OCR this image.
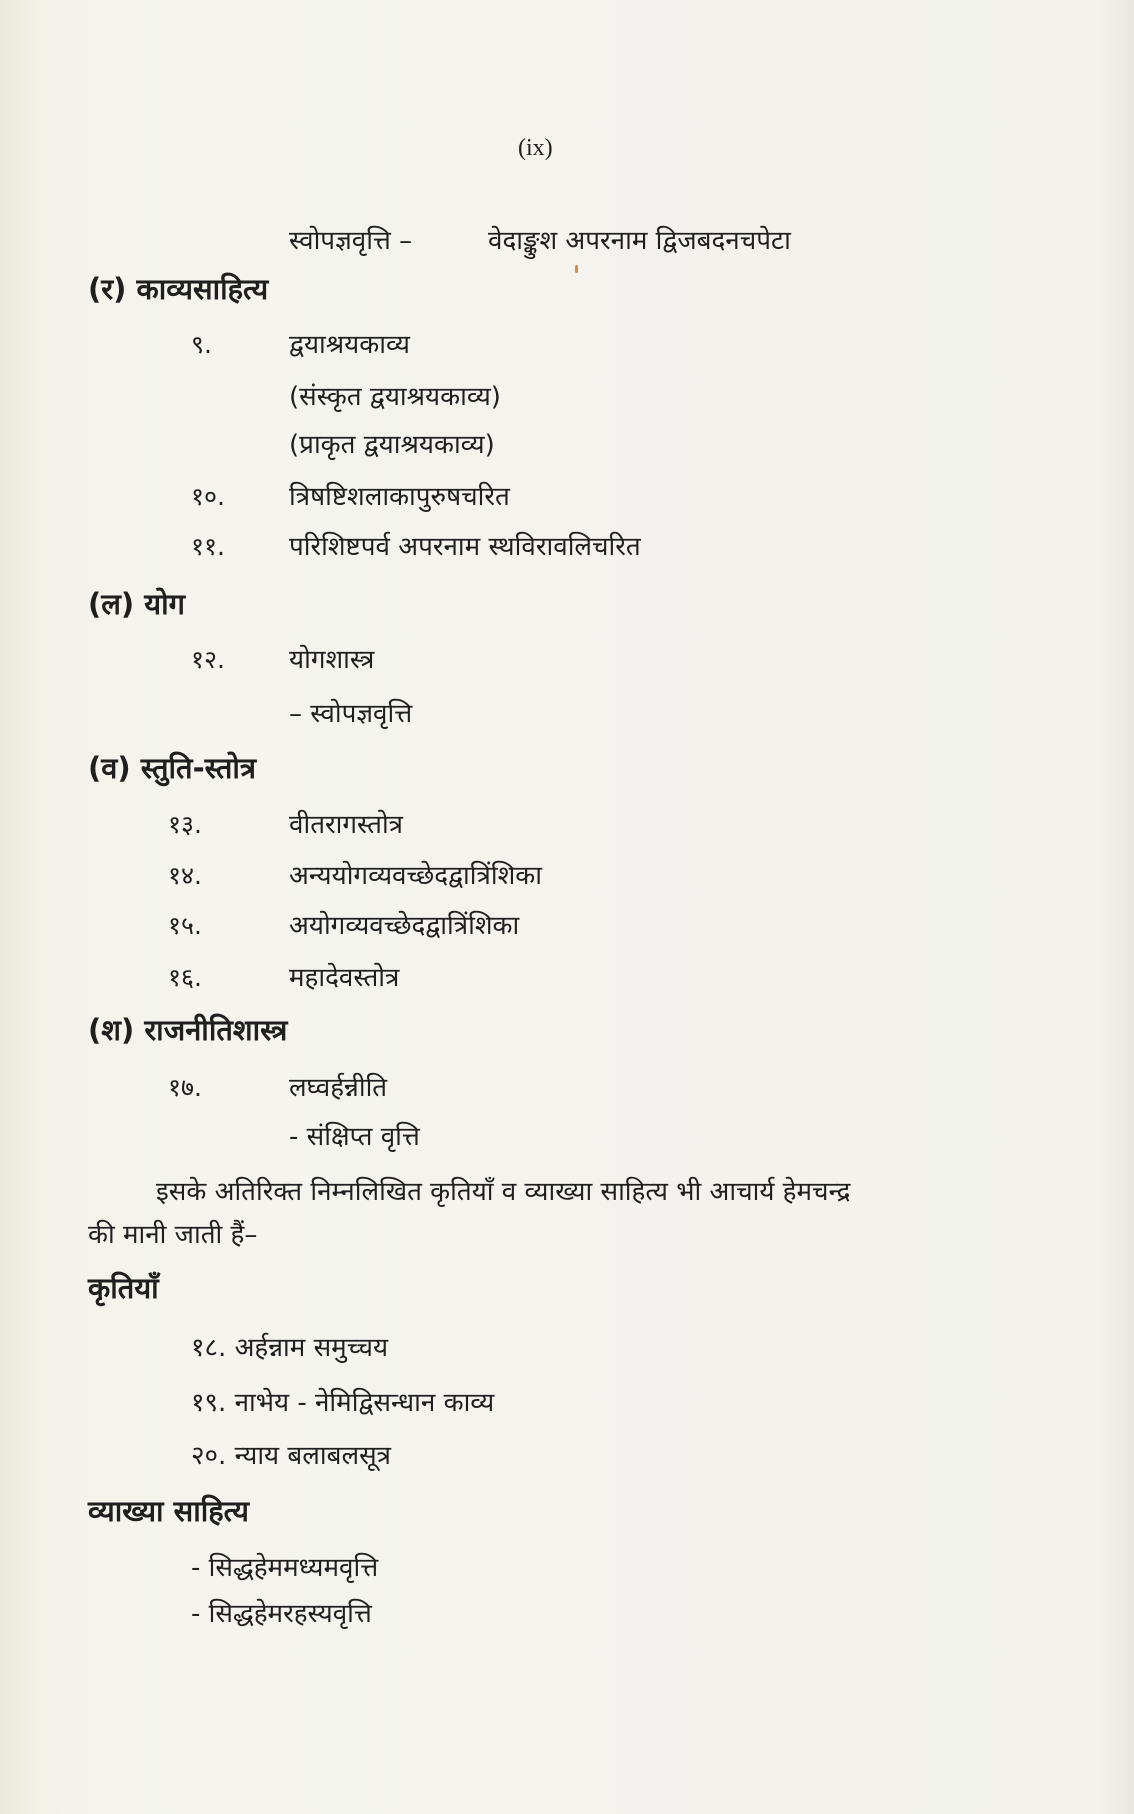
(ix)
स्वोपज्ञवृत्ति –	वेदाङ्कुश अपरनाम द्विजबदनचपेटा
(र) काव्यसाहित्य
९.	द्वयाश्रयकाव्य
(संस्कृत द्वयाश्रयकाव्य)
(प्राकृत द्वयाश्रयकाव्य)
१०. त्रिषष्टिशलाकापुरुषचरित
११. परिशिष्टपर्व अपरनाम स्थविरावलिचरित
(ल) योग
१२. योगशास्त्र
– स्वोपज्ञवृत्ति
(व) स्तुति-स्तोत्र
१३.	वीतरागस्तोत्र
१४.	अन्ययोगव्यवच्छेदद्वात्रिंशिका
१५.	अयोगव्यवच्छेदद्वात्रिंशिका
१६.	महादेवस्तोत्र
(श) राजनीतिशास्त्र
१७.	लघ्वर्हन्नीति
- संक्षिप्त वृत्ति
इसके अतिरिक्त निम्नलिखित कृतियाँ व व्याख्या साहित्य भी आचार्य हेमचन्द्र
की मानी जाती हैं–
कृतियाँ
१८. अर्हन्नाम समुच्चय
१९. नाभेय - नेमिद्विसन्धान काव्य
२०. न्याय बलाबलसूत्र
व्याख्या साहित्य
- सिद्धहेममध्यमवृत्ति
- सिद्धहेमरहस्यवृत्ति
